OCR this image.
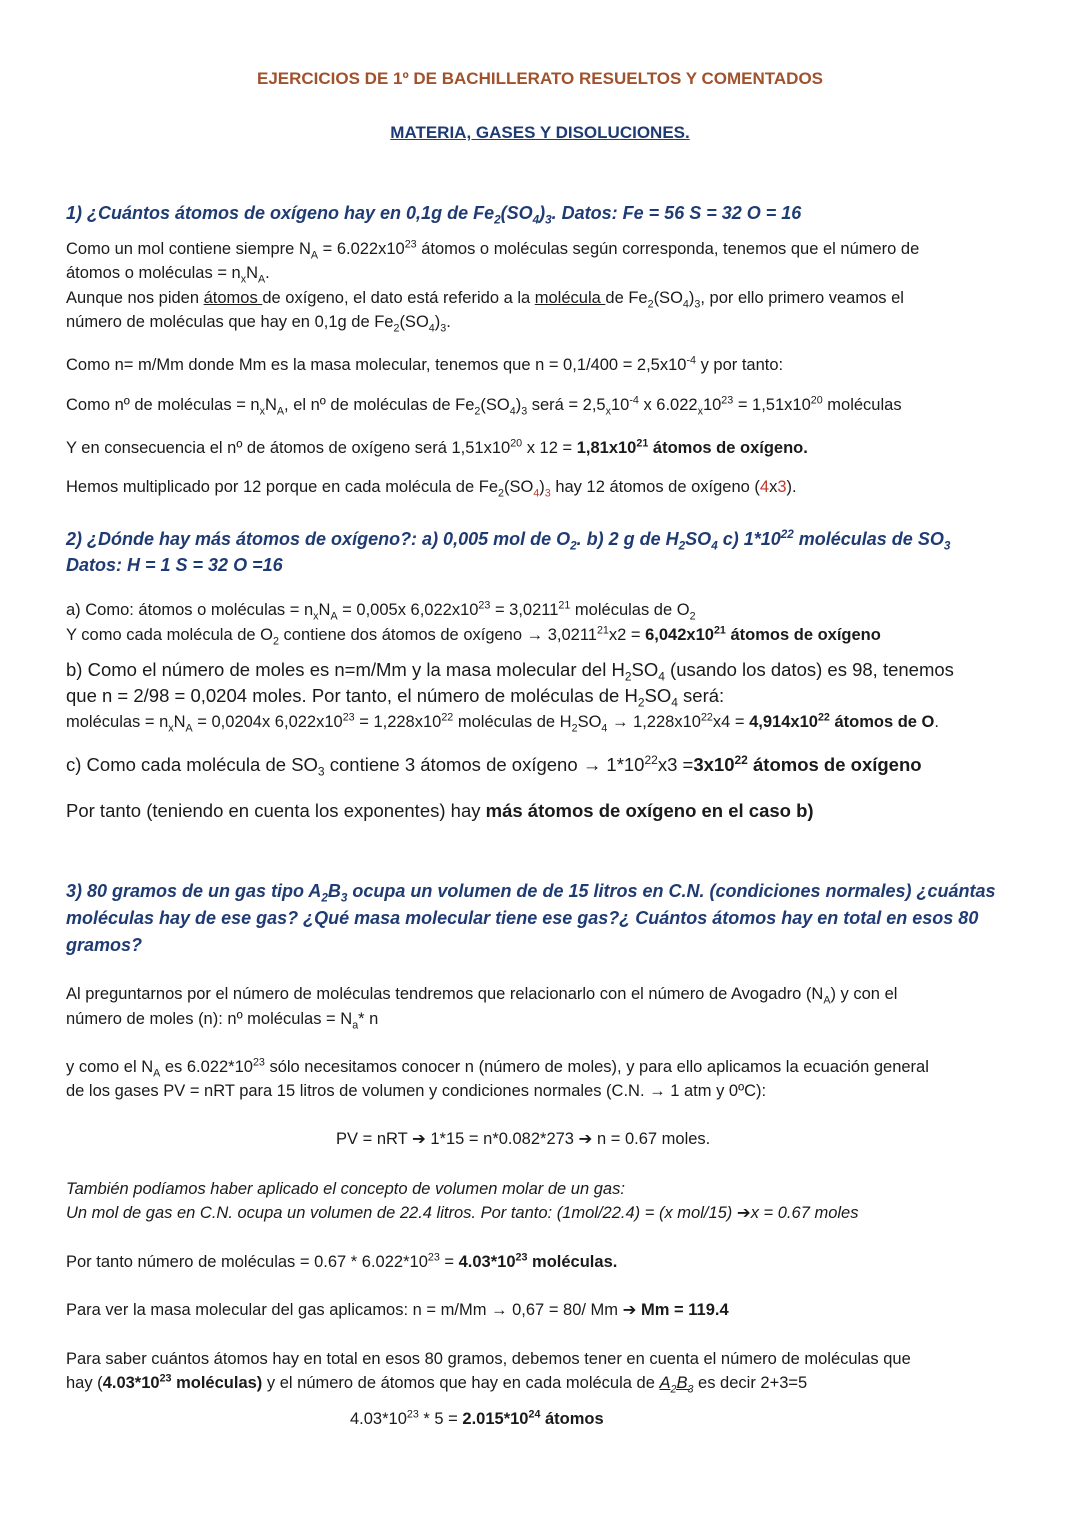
EJERCICIOS DE 1º DE BACHILLERATO RESUELTOS Y COMENTADOS
MATERIA, GASES Y DISOLUCIONES.
1) ¿Cuántos átomos de oxígeno hay en 0,1g de $Fe_2(SO_4)_3$. Datos: Fe = 56 S = 32 O = 16
Como un mol contiene siempre $N_A = 6.022x10^{23}$ átomos o moléculas según corresponda, tenemos que el número de
átomos o moléculas = $n_xN_A$.
Aunque nos piden átomos de oxígeno, el dato está referido a la molécula de $Fe_2(SO_4)_3$, por ello primero veamos el
número de moléculas que hay en 0,1g de $Fe_2(SO_4)_3$.
Como n= m/Mm donde Mm es la masa molecular, tenemos que $n = 0,1/400 = 2,5x10^{-4}$ y por tanto:
Como nº de moléculas = $n_xN_A$, el nº de moléculas de $Fe_2(SO_4)_3$ será = $2,5_x10^{-4}$ x $6.022_x10^{23} = 1,51x10^{20}$ moléculas
Y en consecuencia el nº de átomos de oxígeno será $1,51x10^{20}$ x $12 = 1,81x10^{21}$ átomos de oxígeno.
Hemos multiplicado por 12 porque en cada molécula de $Fe_2(SO_4)_3$ hay 12 átomos de oxígeno (4x3).
2) ¿Dónde hay más átomos de oxígeno?: a) 0,005 mol de $O_2$. b) 2 g de $H_2SO_4$ c) $1*10^{22}$ moléculas de $SO_3$
Datos: H = 1 S = 32 O =16
a) Como: átomos o moléculas = $n_xN_A = 0,005x$ $6,022x10^{23} = 3,0211^{21}$ moléculas de $O_2$
Y como cada molécula de $O_2$ contiene dos átomos de oxígeno → $3,0211^{21}x2 = 6,042x10^{21}$ átomos de oxígeno
b) Como el número de moles es n=m/Mm y la masa molecular del $H_2SO_4$ (usando los datos) es 98, tenemos
que n = 2/98 = 0,0204 moles. Por tanto, el número de moléculas de $H_2SO_4$ será:
moléculas = $n_xN_A = 0,0204x$ $6,022x10^{23} = 1,228x10^{22}$ moléculas de $H_2SO_4 \to 1,228x10^{22}x4 = 4,914x10^{22}$ átomos de O.
c) Como cada molécula de $SO_3$ contiene 3 átomos de oxígeno → $1*10^{22}x3 =3x10^{22}$ átomos de oxígeno
Por tanto (teniendo en cuenta los exponentes) hay más átomos de oxígeno en el caso b)
3) 80 gramos de un gas tipo $A_2B_3$ ocupa un volumen de de 15 litros en C.N. (condiciones normales) ¿cuántas
moléculas hay de ese gas? ¿Qué masa molecular tiene ese gas?¿ Cuántos átomos hay en total en esos 80
gramos?
Al preguntarnos por el número de moléculas tendremos que relacionarlo con el número de Avogadro $(N_A)$ y con el
número de moles (n): nº moléculas = $N_a*$ n
y como el $N_A$ es $6.022*10^{23}$ sólo necesitamos conocer n (número de moles), y para ello aplicamos la ecuación general
de los gases PV = nRT para 15 litros de volumen y condiciones normales (C.N. → 1 atm y 0ºC):
PV = nRT ➔ 1*15 = n*0.082*273 ➔ n = 0.67 moles.
También podíamos haber aplicado el concepto de volumen molar de un gas:
Un mol de gas en C.N. ocupa un volumen de 22.4 litros. Por tanto: (1mol/22.4) = (x mol/15) ➔x = 0.67 moles
Por tanto número de moléculas = $0.67 * 6.022*10^{23} = 4.03*10^{23}$ moléculas.
Para ver la masa molecular del gas aplicamos: n = m/Mm → 0,67 = 80/ Mm ➔ Mm = 119.4
Para saber cuántos átomos hay en total en esos 80 gramos, debemos tener en cuenta el número de moléculas que
hay ($4.03*10^{23}$ moléculas) y el número de átomos que hay en cada molécula de $A_2B_3$ es decir 2+3=5
$4.03*10^{23} * 5 = 2.015*10^{24}$ átomos
